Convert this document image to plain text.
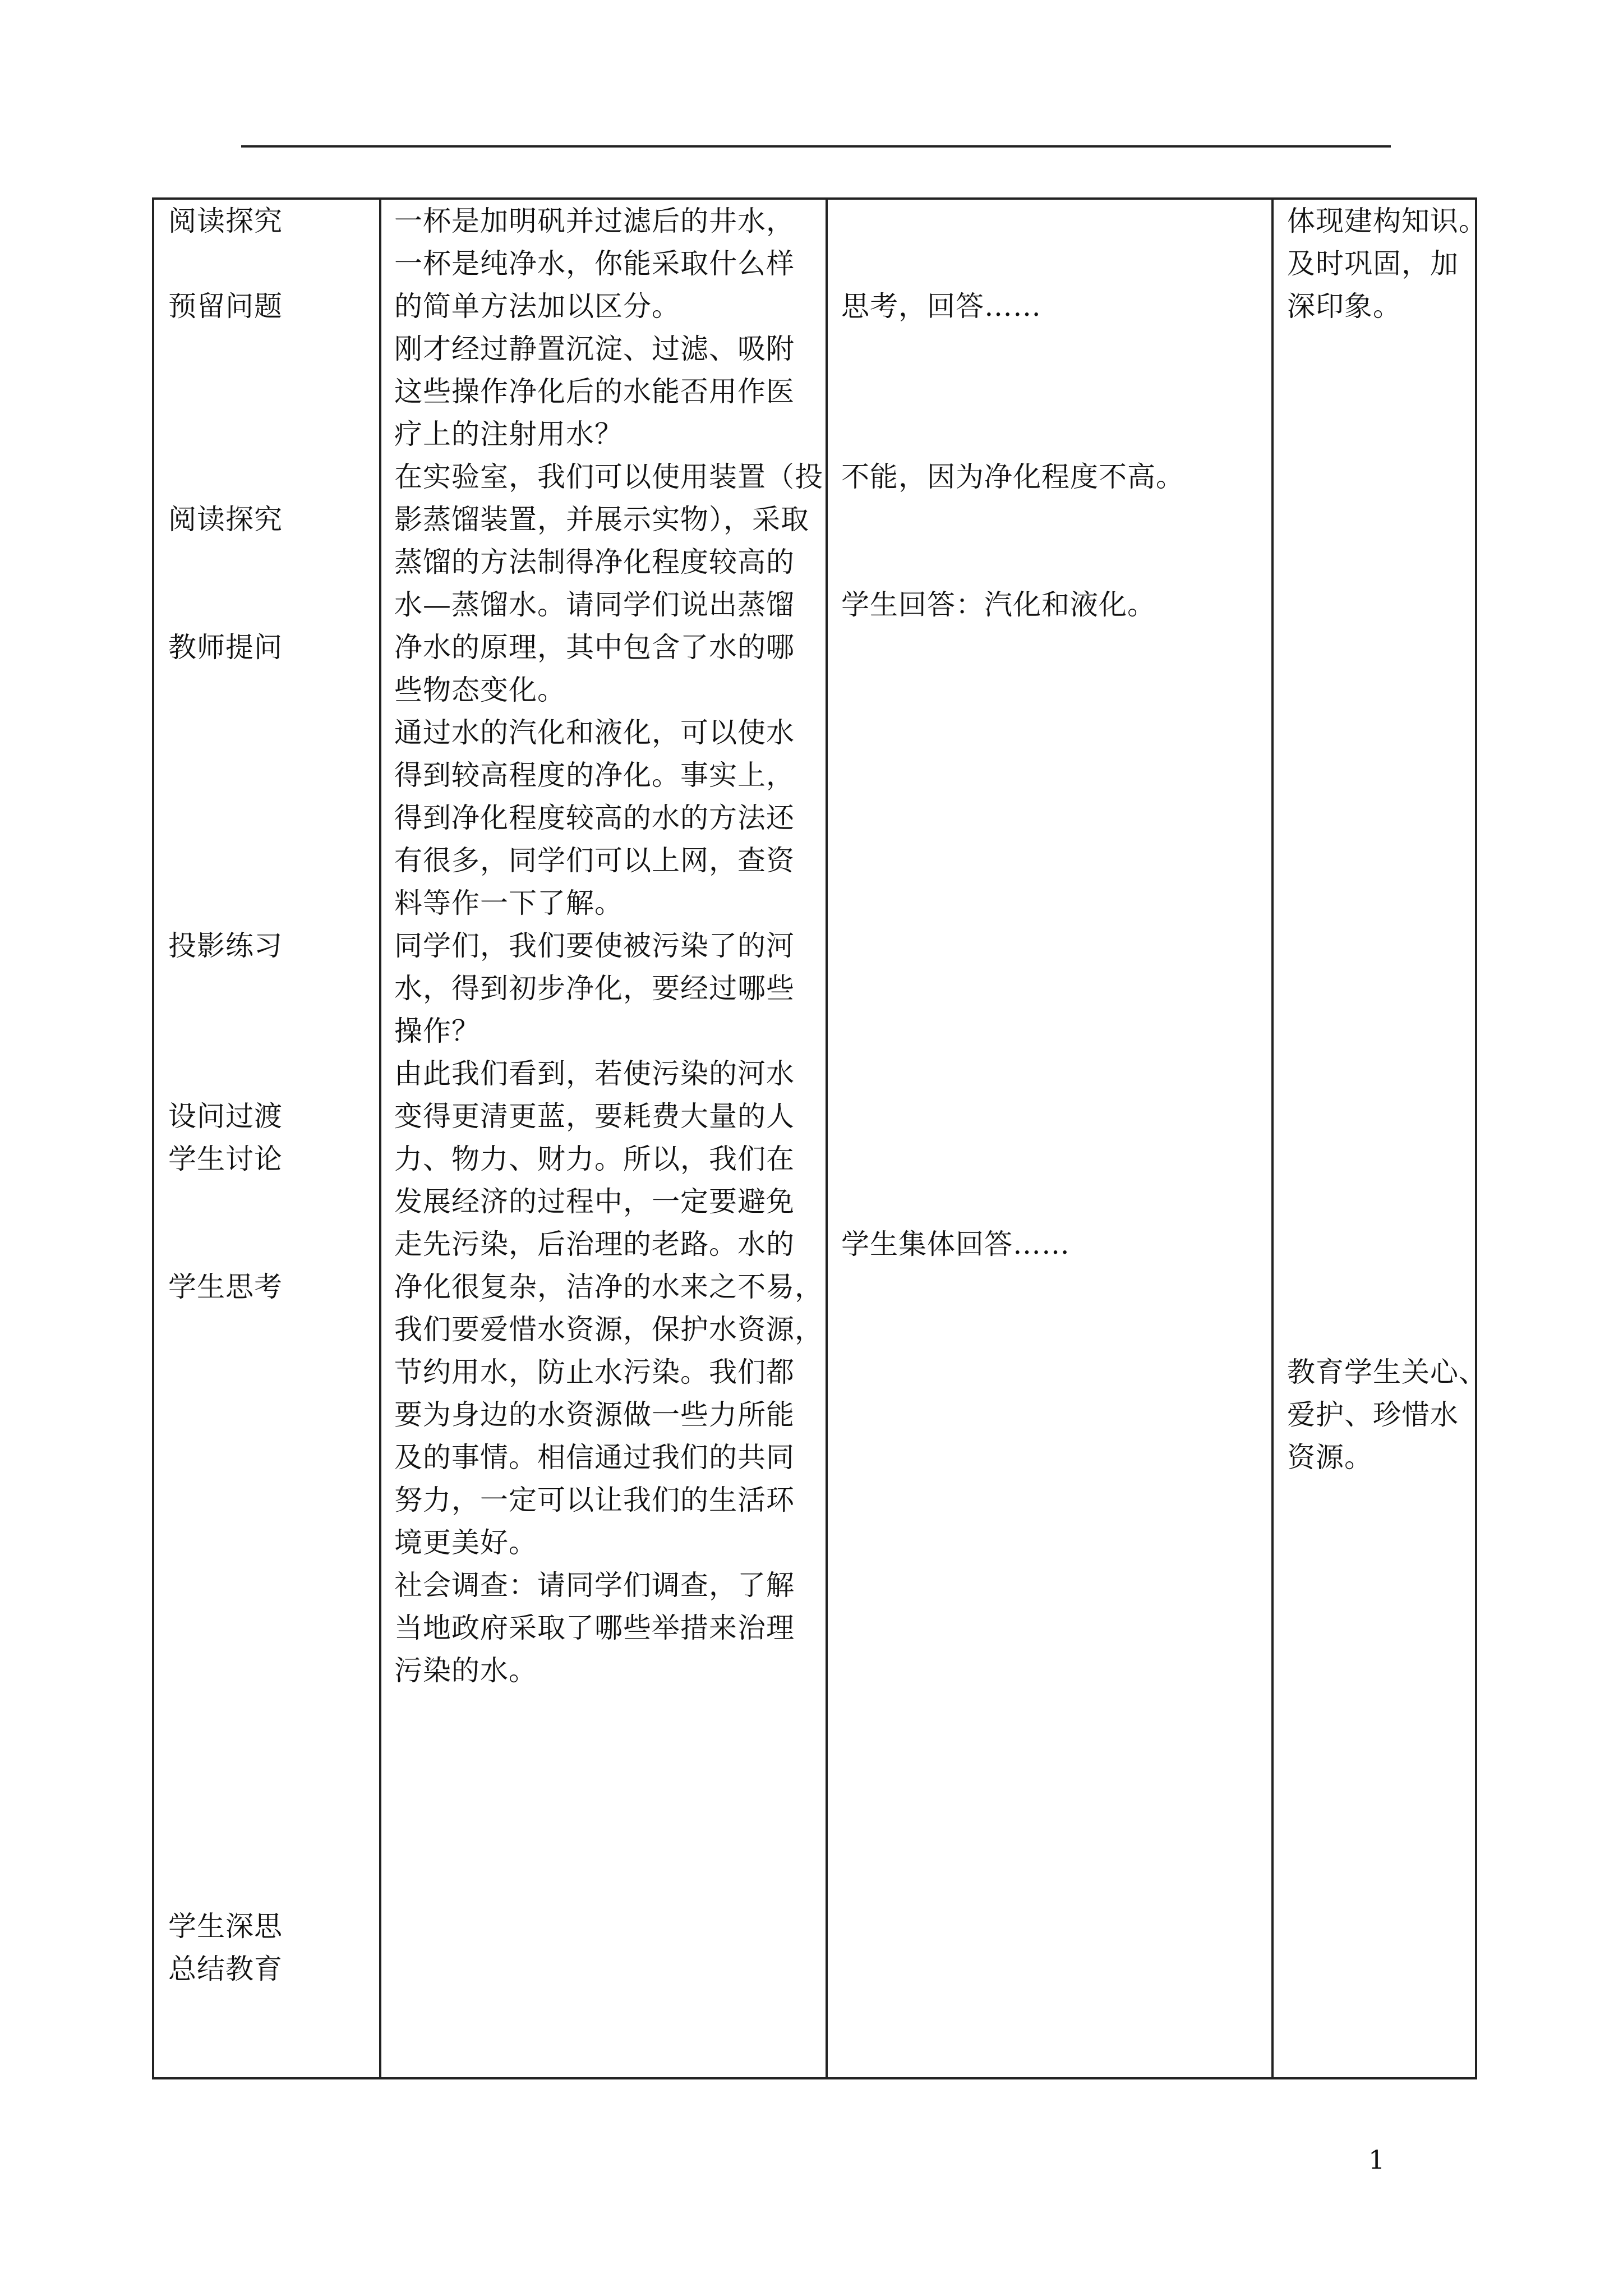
阅读探究

预留问题

阅读探究

教师提问

投影练习

设问过渡

学生讨论

学生思考

学生深思

总结教育

一杯是加明矾并过滤后的井水，

一杯是纯净水，你能采取什么样

的简单方法加以区分。

刚才经过静置沉淀、过滤、吸附

这些操作净化后的水能否用作医

疗上的注射用水？

在实验室，我们可以使用装置（投

影蒸馏装置，并展示实物），采取

蒸馏的方法制得净化程度较高的

水—蒸馏水。请同学们说出蒸馏

净水的原理，其中包含了水的哪

些物态变化。

通过水的汽化和液化，可以使水

得到较高程度的净化。事实上，

得到净化程度较高的水的方法还

有很多，同学们可以上网，查资

料等作一下了解。

同学们，我们要使被污染了的河

水，得到初步净化，要经过哪些

操作？

由此我们看到，若使污染的河水

变得更清更蓝，要耗费大量的人

力、物力、财力。所以，我们在

发展经济的过程中，一定要避免

走先污染，后治理的老路。水的

净化很复杂，洁净的水来之不易，

我们要爱惜水资源，保护水资源，

节约用水，防止水污染。我们都

要为身边的水资源做一些力所能

及的事情。相信通过我们的共同

努力，一定可以让我们的生活环

境更美好。

社会调查：请同学们调查，了解

当地政府采取了哪些举措来治理

污染的水。

思考，回答……

不能，因为净化程度不高。

学生回答：汽化和液化。

学生集体回答……

体现建构知识。

及时巩固，加

深印象。

教育学生关心、

爱护、珍惜水

资源。

1
